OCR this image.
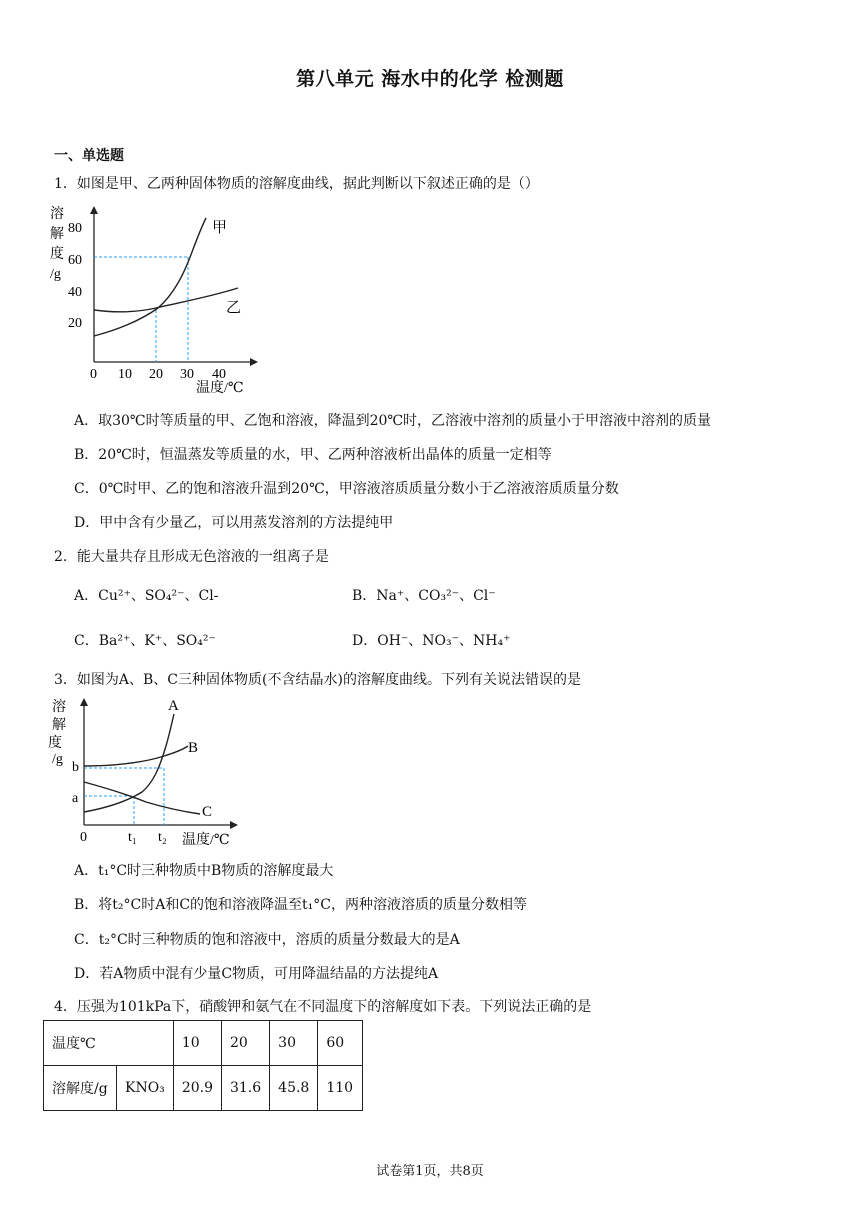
第八单元 海水中的化学 检测题
一、单选题
1．如图是甲、乙两种固体物质的溶解度曲线，据此判断以下叙述正确的是（）
20
40
60
80
0 10 20 30 40
溶
解
度
/g
温度/℃
甲
乙
A．取30℃时等质量的甲、乙饱和溶液，降温到20℃时，乙溶液中溶剂的质量小于甲溶液中溶剂的质量
B．20℃时，恒温蒸发等质量的水，甲、乙两种溶液析出晶体的质量一定相等
C．0℃时甲、乙的饱和溶液升温到20℃，甲溶液溶质质量分数小于乙溶液溶质质量分数
D．甲中含有少量乙，可以用蒸发溶剂的方法提纯甲
2．能大量共存且形成无色溶液的一组离子是
A．Cu²⁺、SO₄²⁻、Cl-	B．Na⁺、CO₃²⁻、Cl⁻
C．Ba²⁺、K⁺、SO₄²⁻	D．OH⁻、NO₃⁻、NH₄⁺
3．如图为A、B、C三种固体物质(不含结晶水)的溶解度曲线。下列有关说法错误的是
溶
解
度
/g
b
a
A
B
C
0	t₁ t₂ 温度/℃
A．t₁°C时三种物质中B物质的溶解度最大
B．将t₂°C时A和C的饱和溶液降温至t₁°C，两种溶液溶质的质量分数相等
C．t₂°C时三种物质的饱和溶液中，溶质的质量分数最大的是A
D．若A物质中混有少量C物质，可用降温结晶的方法提纯A
4．压强为101kPa下，硝酸钾和氨气在不同温度下的溶解度如下表。下列说法正确的是
温度℃		10	20	30	60
溶解度/g	KNO₃	20.9	31.6	45.8	110
试卷第1页，共8页
